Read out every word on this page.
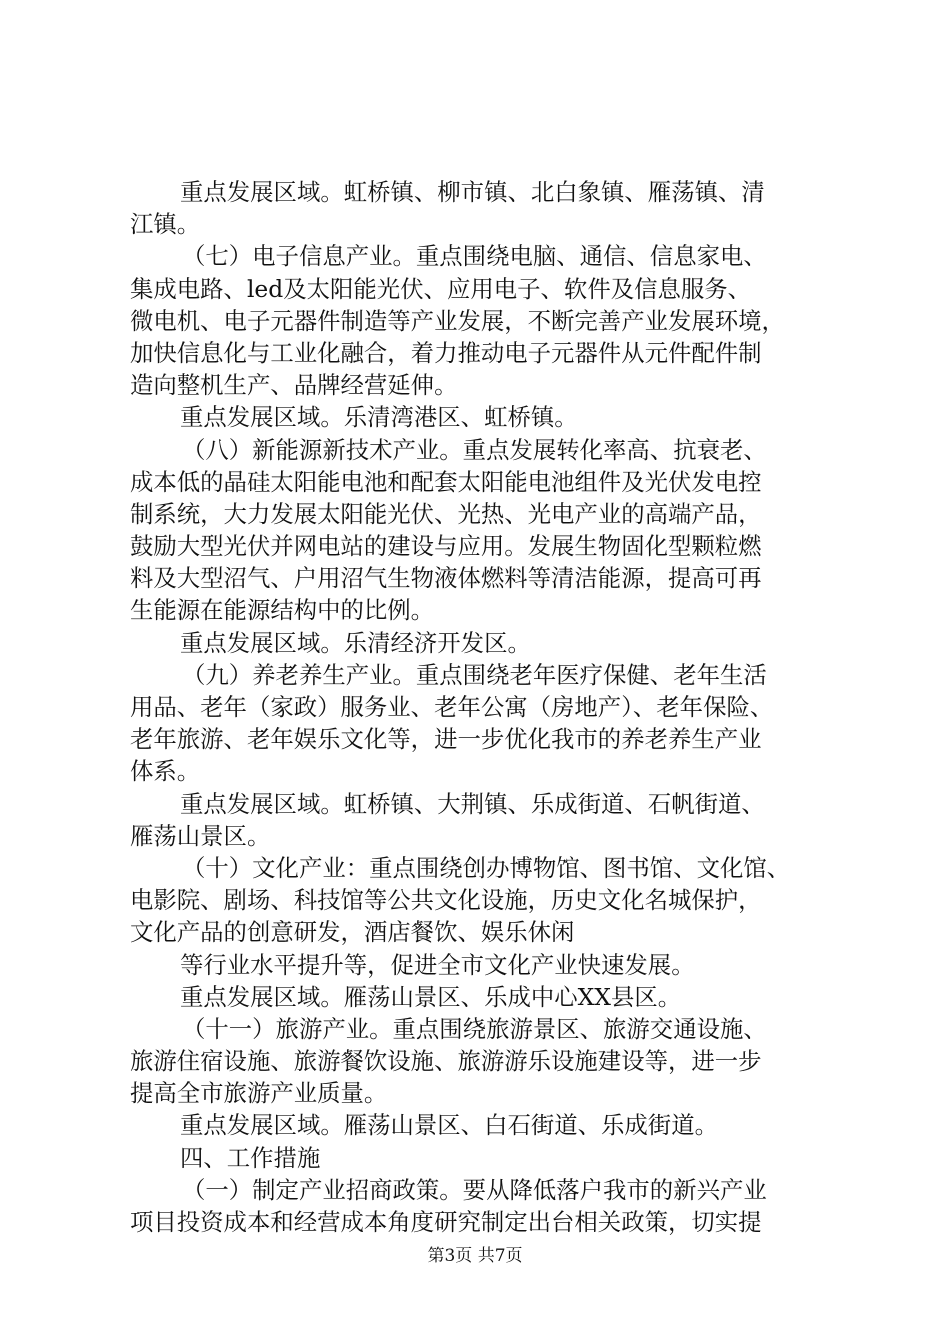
重点发展区域。虹桥镇、柳市镇、北白象镇、雁荡镇、清
江镇。
（七）电子信息产业。重点围绕电脑、通信、信息家电、
集成电路、led及太阳能光伏、应用电子、软件及信息服务、
微电机、电子元器件制造等产业发展，不断完善产业发展环境，
加快信息化与工业化融合，着力推动电子元器件从元件配件制
造向整机生产、品牌经营延伸。
重点发展区域。乐清湾港区、虹桥镇。
（八）新能源新技术产业。重点发展转化率高、抗衰老、
成本低的晶硅太阳能电池和配套太阳能电池组件及光伏发电控
制系统，大力发展太阳能光伏、光热、光电产业的高端产品，
鼓励大型光伏并网电站的建设与应用。发展生物固化型颗粒燃
料及大型沼气、户用沼气生物液体燃料等清洁能源，提高可再
生能源在能源结构中的比例。
重点发展区域。乐清经济开发区。
（九）养老养生产业。重点围绕老年医疗保健、老年生活
用品、老年（家政）服务业、老年公寓（房地产）、老年保险、
老年旅游、老年娱乐文化等，进一步优化我市的养老养生产业
体系。
重点发展区域。虹桥镇、大荆镇、乐成街道、石帆街道、
雁荡山景区。
（十）文化产业：重点围绕创办博物馆、图书馆、文化馆、
电影院、剧场、科技馆等公共文化设施，历史文化名城保护，
文化产品的创意研发，酒店餐饮、娱乐休闲
等行业水平提升等，促进全市文化产业快速发展。
重点发展区域。雁荡山景区、乐成中心XX县区。
（十一）旅游产业。重点围绕旅游景区、旅游交通设施、
旅游住宿设施、旅游餐饮设施、旅游游乐设施建设等，进一步
提高全市旅游产业质量。
重点发展区域。雁荡山景区、白石街道、乐成街道。
四、工作措施
（一）制定产业招商政策。要从降低落户我市的新兴产业
项目投资成本和经营成本角度研究制定出台相关政策，切实提
第3页 共7页
